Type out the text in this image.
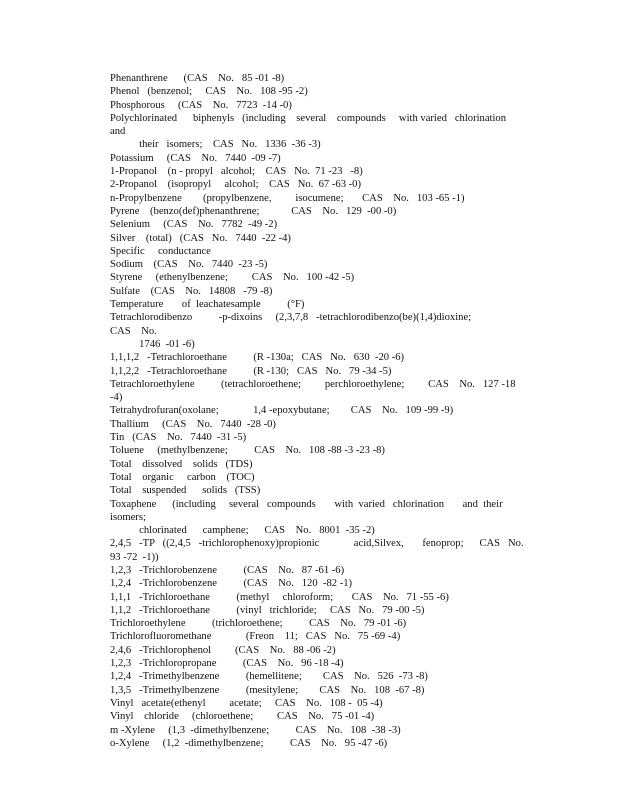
Phenanthrene      (CAS    No.   85 -01 -8)
Phenol   (benzenol;     CAS    No.   108 -95 -2)
Phosphorous     (CAS    No.   7723  -14 -0)
Polychlorinated      biphenyls   (including    several    compounds     with varied   chlorination     and
their   isomers;    CAS   No.   1336  -36 -3)
Potassium     (CAS    No.   7440  -09 -7)
1-Propanol    (n - propyl   alcohol;    CAS   No.  71 -23   -8)
2-Propanol    (isopropyl     alcohol;    CAS   No.  67 -63 -0)
n-Propylbenzene        (propylbenzene,         isocumene;       CAS    No.   103 -65 -1)
Pyrene    (benzo(def)phenanthrene;            CAS    No.   129  -00 -0)
Selenium     (CAS    No.   7782  -49 -2)
Silver    (total)   (CAS   No.   7440  -22 -4)
Specific     conductance
Sodium    (CAS    No.   7440  -23 -5)
Styrene     (ethenylbenzene;         CAS    No.   100 -42 -5)
Sulfate    (CAS    No.   14808   -79 -8)
Temperature       of  leachatesample          (°F)
Tetrachlorodibenzo          -p-dixoins     (2,3,7,8   -tetrachlorodibenzo(be)(1,4)dioxine;               CAS    No.
1746  -01 -6)
1,1,1,2   -Tetrachloroethane          (R -130a;   CAS   No.   630  -20 -6)
1,1,2,2   -Tetrachloroethane          (R -130;   CAS   No.   79 -34 -5)
Tetrachloroethylene          (tetrachloroethene;         perchloroethylene;         CAS    No.   127 -18 -4)
Tetrahydrofuran(oxolane;             1,4 -epoxybutane;        CAS    No.   109 -99 -9)
Thallium     (CAS    No.   7440  -28 -0)
Tin   (CAS    No.   7440  -31 -5)
Toluene     (methylbenzene;          CAS    No.   108 -88 -3 -23 -8)
Total    dissolved    solids   (TDS)
Total    organic     carbon    (TOC)
Total    suspended      solids   (TSS)
Toxaphene      (including     several   compounds       with  varied   chlorination       and  their  isomers;
chlorinated      camphene;      CAS    No.   8001  -35 -2)
2,4,5   -TP   ((2,4,5   -trichlorophenoxy)propionic             acid,Silvex,       fenoprop;      CAS   No.   93 -72  -1))
1,2,3   -Trichlorobenzene          (CAS    No.   87 -61 -6)
1,2,4   -Trichlorobenzene          (CAS    No.   120  -82 -1)
1,1,1   -Trichloroethane          (methyl     chloroform;       CAS    No.   71 -55 -6)
1,1,2   -Trichloroethane          (vinyl   trichloride;     CAS   No.   79 -00 -5)
Trichloroethylene          (trichloroethene;          CAS    No.   79 -01 -6)
Trichlorofluoromethane             (Freon    11;   CAS   No.   75 -69 -4)
2,4,6   -Trichlorophenol         (CAS    No.   88 -06 -2)
1,2,3   -Trichloropropane          (CAS    No.   96 -18 -4)
1,2,4   -Trimethylbenzene          (hemellitene;        CAS    No.   526  -73 -8)
1,3,5   -Trimethylbenzene          (mesitylene;        CAS    No.   108  -67 -8)
Vinyl   acetate(ethenyl         acetate;     CAS    No.   108 -  05 -4)
Vinyl    chloride     (chloroethene;         CAS    No.   75 -01 -4)
m -Xylene     (1,3  -dimethylbenzene;          CAS    No.   108  -38 -3)
o-Xylene     (1,2  -dimethylbenzene;          CAS    No.   95 -47 -6)
